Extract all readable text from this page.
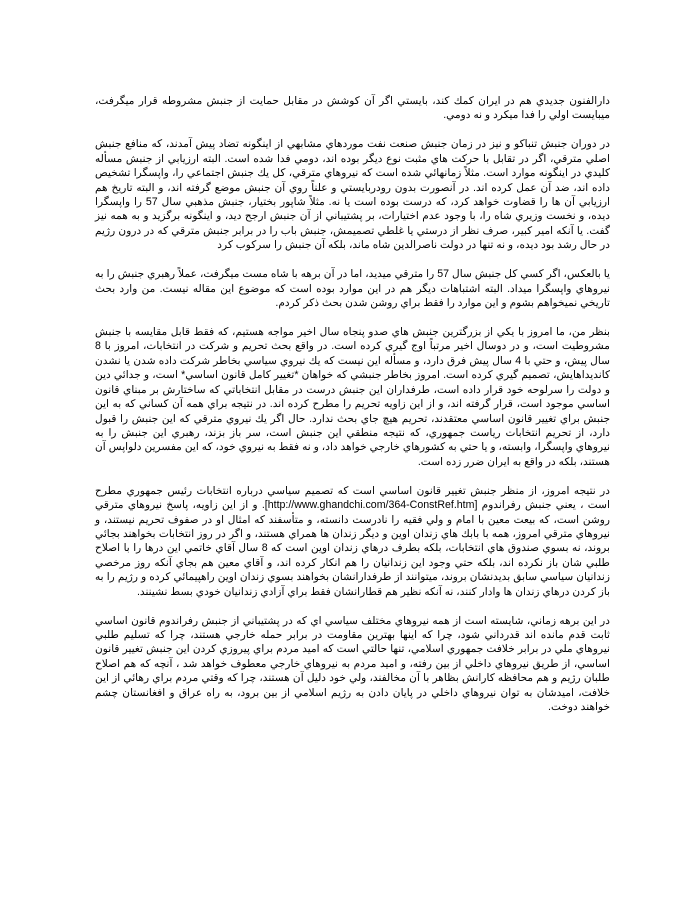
دارالفنون جديدي هم در ايران كمك كند، بايستي اگر آن كوشش در مقابل حمايت از جنبش مشروطه قرار ميگرفت، ميبايست اولي را فدا ميكرد و نه دومي.

در دوران جنبش تنباكو و نيز در زمان جنبش صنعت نفت موردهاي مشابهي از اينگونه تضاد پيش آمدند، كه منافع جنبش اصلي مترقي، اگر در تقابل با حركت هاي مثبت نوع ديگر بوده اند، دومي فدا شده است. البته ارزيابي از جنبش مسأله كليدي در اينگونه موارد است. مثلاً زمانهائي شده است كه نيروهاي مترقي، كل يك جنبش اجتماعي را، واپسگرا تشخيص داده اند، ضد آن عمل كرده اند. در آنصورت بدون رودربايستي و علناً روي آن جنبش موضع گرفته اند، و البته تاريخ هم ارزيابي آن ها را قضاوت خواهد كرد، كه درست بوده است يا نه. مثلاً شاپور بختيار، جنبش مذهبي سال 57 را واپسگرا ديده، و نخست وزيري شاه را، با وجود عدم اختيارات، بر پشتيباني از آن جنبش ارجح ديد، و اينگونه برگزيد و به همه نيز گفت. يا آنكه امير كبير، صرف نظر از درستي يا غلطي تصميمش، جنبش باب را در برابر جنبش مترقي كه در درون رژيم در حال رشد بود ديده، و نه تنها در دولت ناصرالدين شاه ماند، بلكه آن جنبش را سركوب كرد

يا بالعكس، اگر كسي كل جنبش سال 57 را مترقي ميديد، اما در آن برهه با شاه مست ميگرفت، عملاً رهبري جنبش را به نيروهاي واپسگرا ميداد. البته اشتباهات ديگر هم در اين موارد بوده است كه موضوع اين مقاله نيست. من وارد بحث تاريخي نميخواهم بشوم و اين موارد را فقط براي روشن شدن بحث ذكر كردم.

بنظر من، ما امروز با يكي از بزرگترين جنبش هاي صدو پنجاه سال اخير مواجه هستيم، كه فقط قابل مقايسه با جنبش مشروطيت است، و در دوسال اخير مرتباً اوج گيري كرده است. در واقع بحث تحريم و شركت در انتخابات، امروز با 8 سال پيش، و حتي با 4 سال پيش فرق دارد، و مسأله اين نيست كه يك نيروي سياسي بخاطر شركت داده شدن يا نشدن كانديداهايش، تصميم گيري كرده است. امروز بخاطر جنبشي كه خواهان *تغيير كامل قانون اساسي* است، و جدائي دين و دولت را سرلوحه خود قرار داده است، طرفداران اين جنبش درست در مقابل انتخاباتي كه ساختارش بر مبناي قانون اساسي موجود است، قرار گرفته اند، و از اين زاويه تحريم را مطرح كرده اند. در نتيجه براي همه آن كساني كه به اين جنبش براي تغيير قانون اساسي معتقدند، تحريم هيچ جاي بحث ندارد. حال اگر يك نيروي مترقي كه اين جنبش را قبول دارد، از تحريم انتخابات رياست جمهوري، كه نتيجه منطقي اين جنبش است، سر باز بزند، رهبري اين جنبش را به نيروهاي واپسگرا، وابسته، و يا حتي به كشورهاي خارجي خواهد داد، و نه فقط به نيروي خود، كه اين مفسرين دلواپس آن هستند، بلكه در واقع به ايران ضرر زده است.

در نتيجه امروز، از منظر جنبش تغيير قانون اساسي است كه تصميم سياسي درباره انتخابات رئيس جمهوري مطرح است ، يعني جنبش رفراندوم [http://www.ghandchi.com/364-ConstRef.htm]. و از اين زاويه، پاسخ نيروهاي مترقي روشن است، كه بيعت معين با امام و ولي فقيه را نادرست دانسته، و متأسفند كه امثال او در صفوف تحريم نيستند، و نيروهاي مترقي امروز، همه با بابك هاي زندان اوين و ديگر زندان ها همراي هستند، و اگر در روز انتخابات بخواهند بجائي بروند، نه بسوي صندوق هاي انتخابات، بلكه بطرف درهاي زندان اوين است كه 8 سال آقاي خاتمي اين درها را با اصلاح طلبي شان باز نكرده اند، بلكه حتي وجود اين زندانيان را هم انكار كرده اند، و آقاي معين هم بجاي آنكه روز مرخصي زندانيان سياسي سابق بديدنشان بروند، ميتوانند از طرفدارانشان بخواهند بسوي زندان اوين راهپيمائي كرده و رژيم را به باز كردن درهاي زندان ها وادار كنند، نه آنكه نظير هم قطارانشان فقط براي آزادي زندانيان خودي بسط نشينند.

در اين برهه زماني، شايسته است از همه نيروهاي مختلف سياسي اي كه در پشتيباني از جنبش رفراندوم قانون اساسي ثابت قدم مانده اند قدرداني شود، چرا كه اينها بهترين مقاومت در برابر حمله خارجي هستند، چرا كه تسليم طلبي نيروهاي ملي در برابر خلافت جمهوري اسلامي، تنها حالتي است كه اميد مردم براي پيروزي كردن اين جنبش تغيير قانون اساسي، از طريق نيروهاي داخلي از بين رفته، و اميد مردم به نيروهاي خارجي معطوف خواهد شد ، آنچه كه هم اصلاح طلبان رژيم و هم محافظه كارانش بظاهر با آن مخالفند، ولي خود دليل آن هستند، چرا كه وقتي مردم براي رهائي از اين خلافت، اميدشان به توان نيروهاي داخلي در پايان دادن به رژيم اسلامي از بين برود، به راه عراق و افغانستان چشم خواهند دوخت.
